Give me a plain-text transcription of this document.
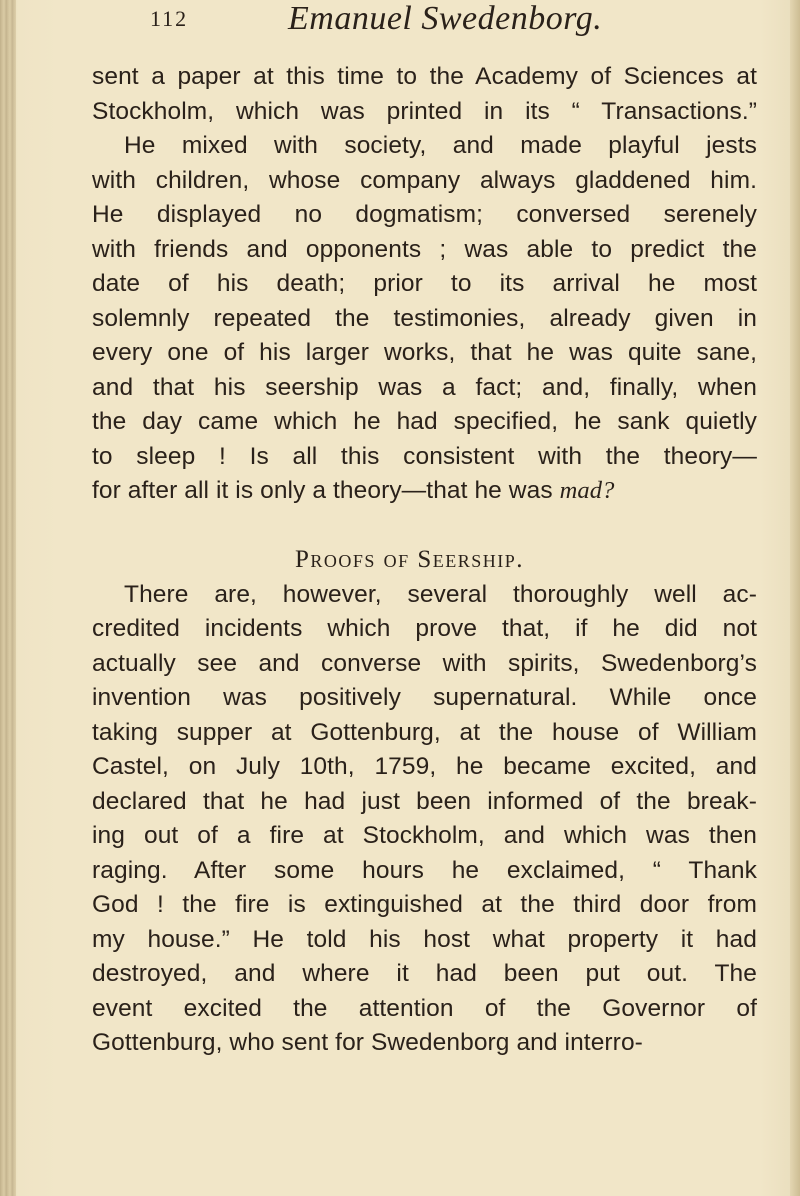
112	Emanuel Swedenborg.
sent a paper at this time to the Academy of Sciences at
Stockholm, which was printed in its “ Transactions.”
He mixed with society, and made playful jests
with children, whose company always gladdened him.
He displayed no dogmatism; conversed serenely
with friends and opponents ; was able to predict the
date of his death; prior to its arrival he most
solemnly repeated the testimonies, already given in
every one of his larger works, that he was quite sane,
and that his seership was a fact; and, finally, when
the day came which he had specified, he sank quietly
to sleep ! Is all this consistent with the theory—
for after all it is only a theory—that he was mad?
Proofs of Seership.
There are, however, several thoroughly well ac-
credited incidents which prove that, if he did not
actually see and converse with spirits, Swedenborg’s
invention was positively supernatural. While once
taking supper at Gottenburg, at the house of William
Castel, on July 10th, 1759, he became excited, and
declared that he had just been informed of the break-
ing out of a fire at Stockholm, and which was then
raging. After some hours he exclaimed, “ Thank
God ! the fire is extinguished at the third door from
my house.” He told his host what property it had
destroyed, and where it had been put out. The
event excited the attention of the Governor of
Gottenburg, who sent for Swedenborg and interro-
